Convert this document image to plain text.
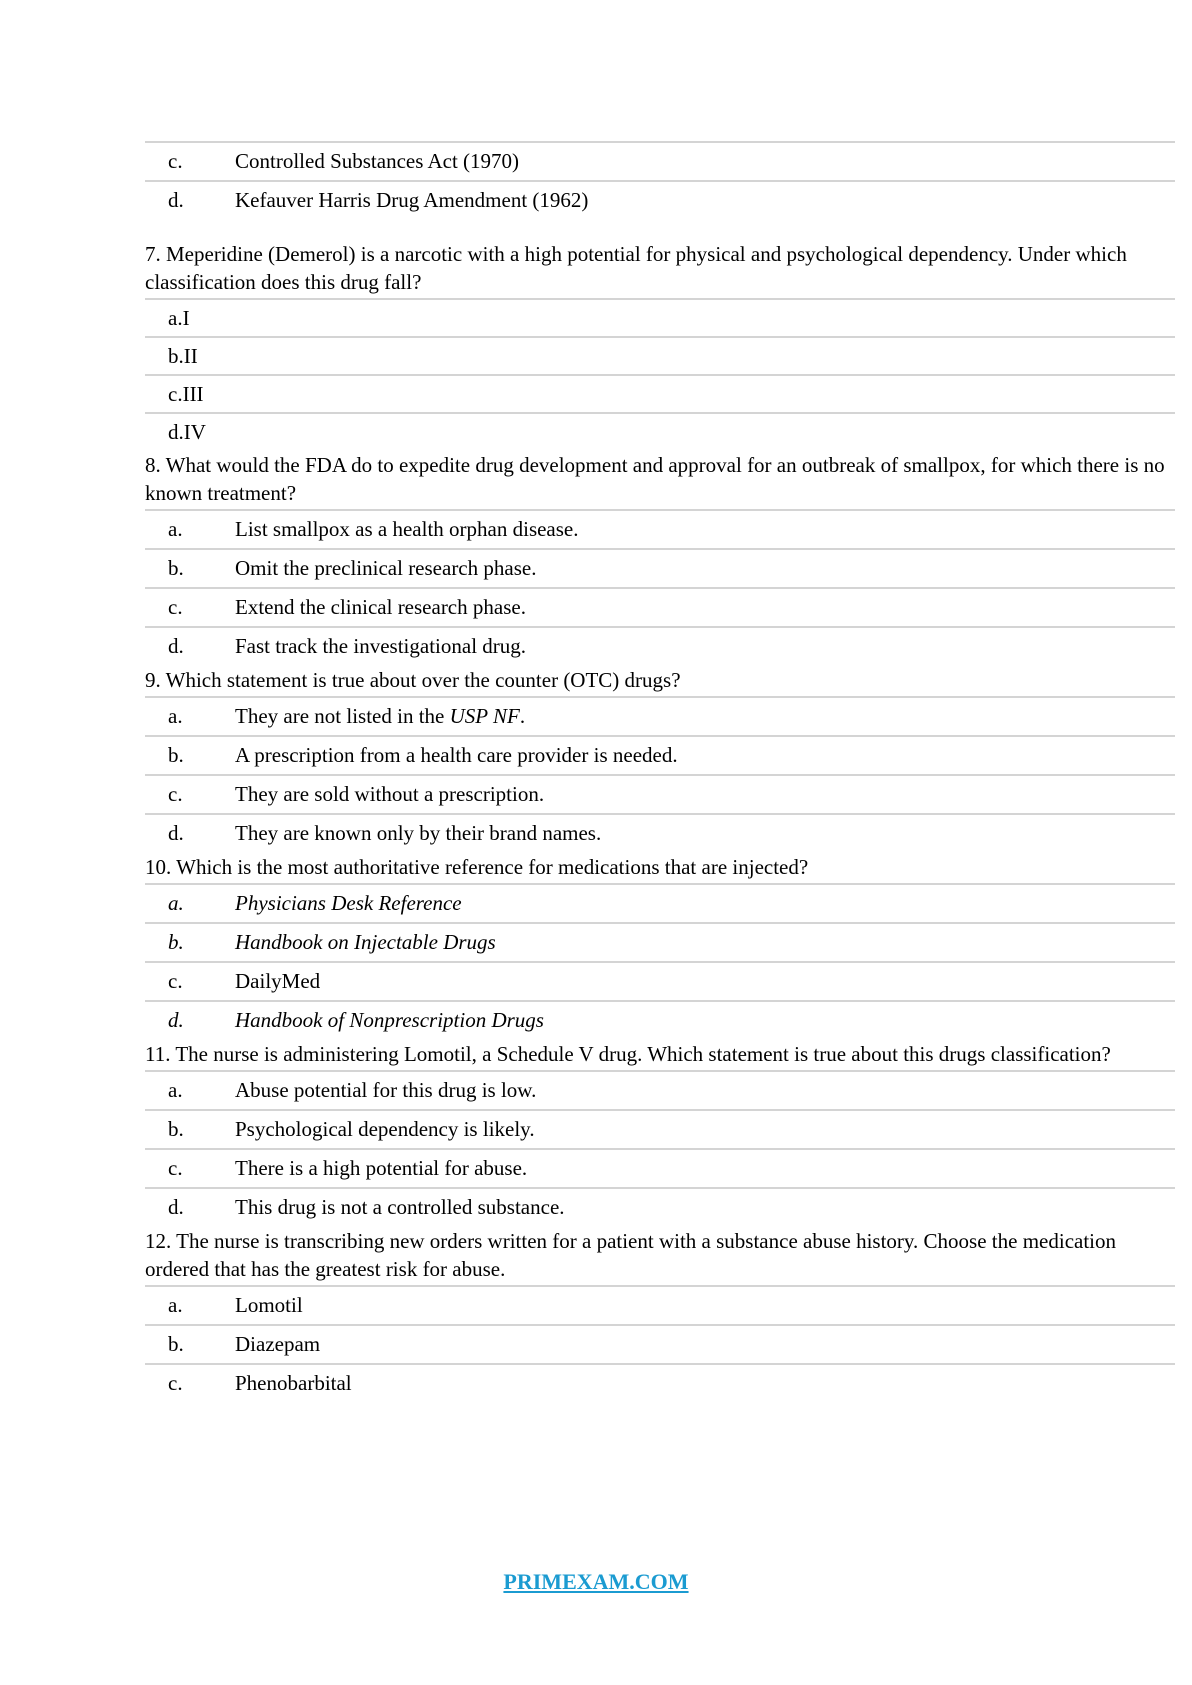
c. Controlled Substances Act (1970)
d. Kefauver Harris Drug Amendment (1962)
7. Meperidine (Demerol) is a narcotic with a high potential for physical and psychological dependency. Under which classification does this drug fall?
a.I
b.II
c.III
d.IV
8. What would the FDA do to expedite drug development and approval for an outbreak of smallpox, for which there is no known treatment?
a. List smallpox as a health orphan disease.
b. Omit the preclinical research phase.
c. Extend the clinical research phase.
d. Fast track the investigational drug.
9. Which statement is true about over the counter (OTC) drugs?
a. They are not listed in the USP NF.
b. A prescription from a health care provider is needed.
c. They are sold without a prescription.
d. They are known only by their brand names.
10. Which is the most authoritative reference for medications that are injected?
a. Physicians Desk Reference
b. Handbook on Injectable Drugs
c. DailyMed
d. Handbook of Nonprescription Drugs
11. The nurse is administering Lomotil, a Schedule V drug. Which statement is true about this drugs classification?
a. Abuse potential for this drug is low.
b. Psychological dependency is likely.
c. There is a high potential for abuse.
d. This drug is not a controlled substance.
12. The nurse is transcribing new orders written for a patient with a substance abuse history. Choose the medication ordered that has the greatest risk for abuse.
a. Lomotil
b. Diazepam
c. Phenobarbital
PRIMEXAM.COM
